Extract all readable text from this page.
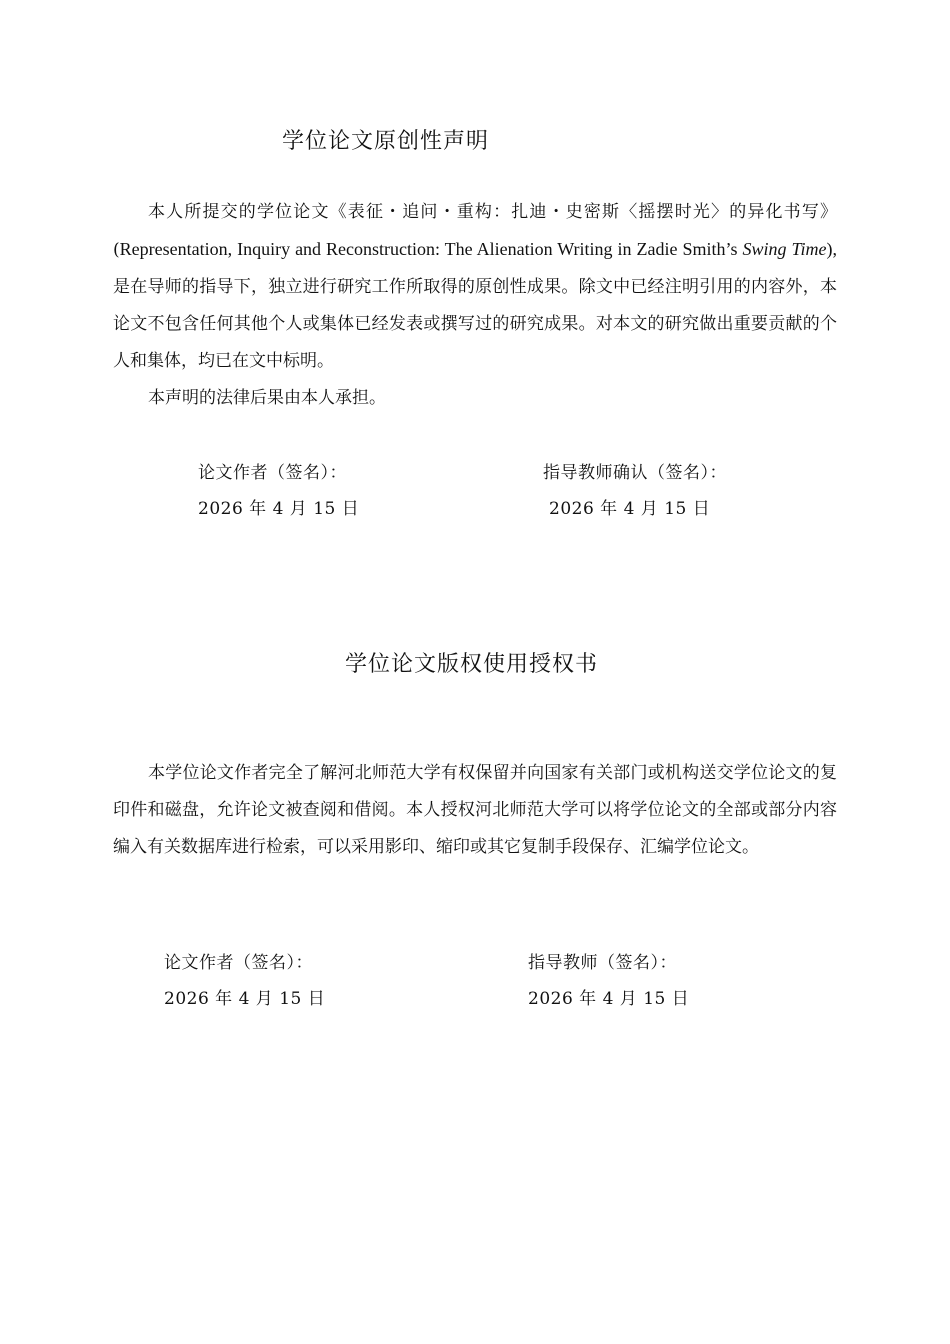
学位论文原创性声明

本人所提交的学位论文《表征・追问・重构：扎迪・史密斯〈摇摆时光〉的异化书写》(Representation, Inquiry and Reconstruction: The Alienation Writing in Zadie Smith’s Swing Time), 是在导师的指导下，独立进行研究工作所取得的原创性成果。除文中已经注明引用的内容外，本论文不包含任何其他个人或集体已经发表或撰写过的研究成果。对本文的研究做出重要贡献的个人和集体，均已在文中标明。

本声明的法律后果由本人承担。

论文作者（签名）：
2026 年 4 月 15 日
指导教师确认（签名）：
2026 年 4 月 15 日
学位论文版权使用授权书

本学位论文作者完全了解河北师范大学有权保留并向国家有关部门或机构送交学位论文的复印件和磁盘，允许论文被查阅和借阅。本人授权河北师范大学可以将学位论文的全部或部分内容编入有关数据库进行检索，可以采用影印、缩印或其它复制手段保存、汇编学位论文。

论文作者（签名）：
2026 年 4 月 15 日
指导教师（签名）：
2026 年 4 月 15 日
